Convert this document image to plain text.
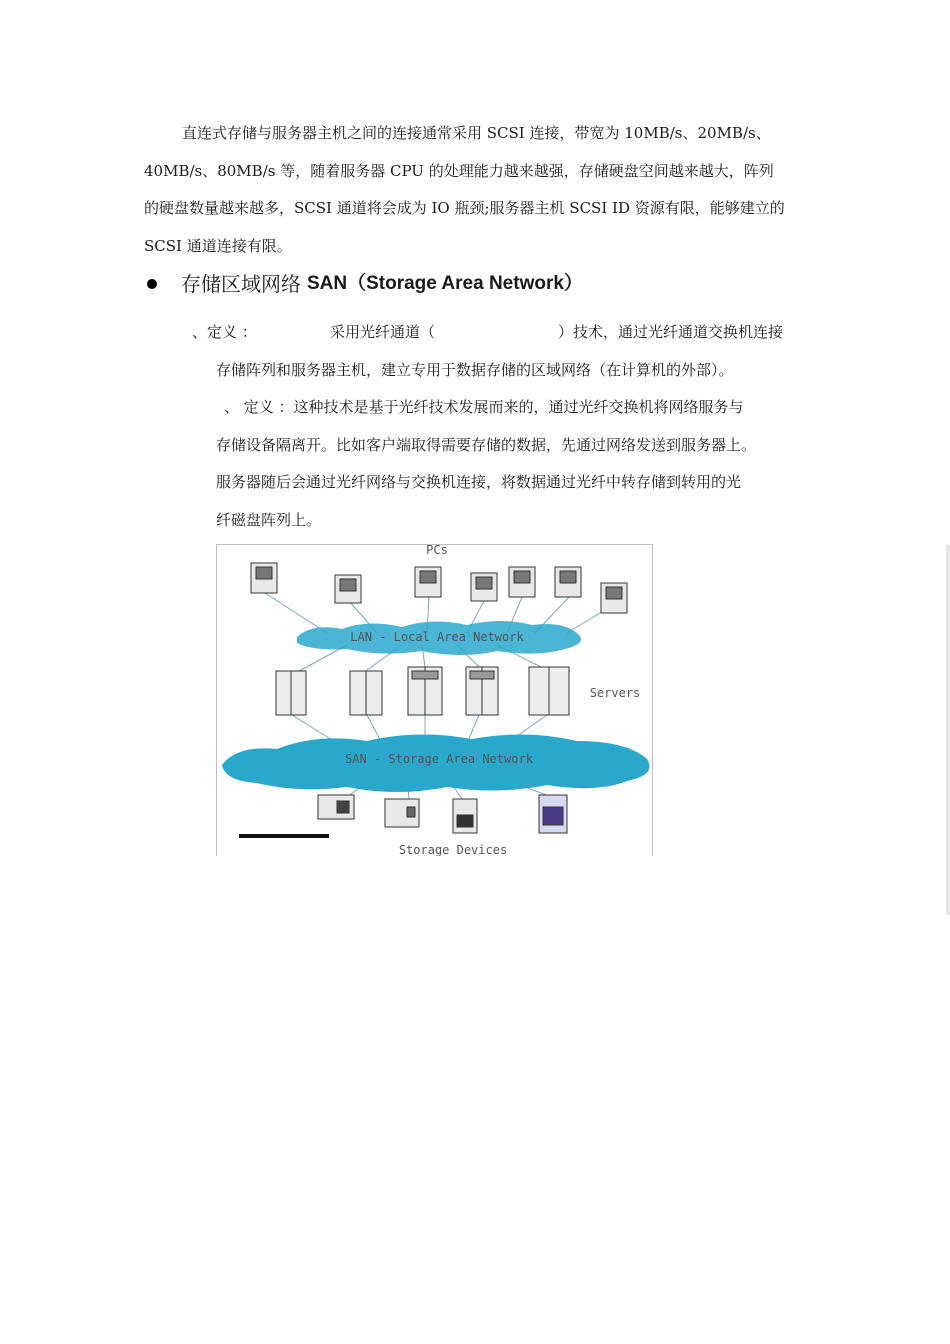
直连式存储与服务器主机之间的连接通常采用 SCSI 连接，带宽为 10MB/s、20MB/s、
40MB/s、80MB/s 等，随着服务器 CPU 的处理能力越来越强，存储硬盘空间越来越大，阵列
的硬盘数量越来越多，SCSI 通道将会成为 IO 瓶颈;服务器主机 SCSI ID 资源有限，能够建立的
SCSI 通道连接有限。
存储区域网络 SAN（Storage Area Network）
、定义 ：	采用光纤通道（	）技术，通过光纤通道交换机连接
存储阵列和服务器主机，建立专用于数据存储的区域网络（在计算机的外部）。
、 定义 ：这种技术是基于光纤技术发展而来的，通过光纤交换机将网络服务与
存储设备隔离开。比如客户端取得需要存储的数据，先通过网络发送到服务器上。
服务器随后会通过光纤网络与交换机连接，将数据通过光纤中转存储到转用的光
纤磁盘阵列上。
PCs
LAN - Local Area Network
Servers
SAN - Storage Area Network
Storage Devices
